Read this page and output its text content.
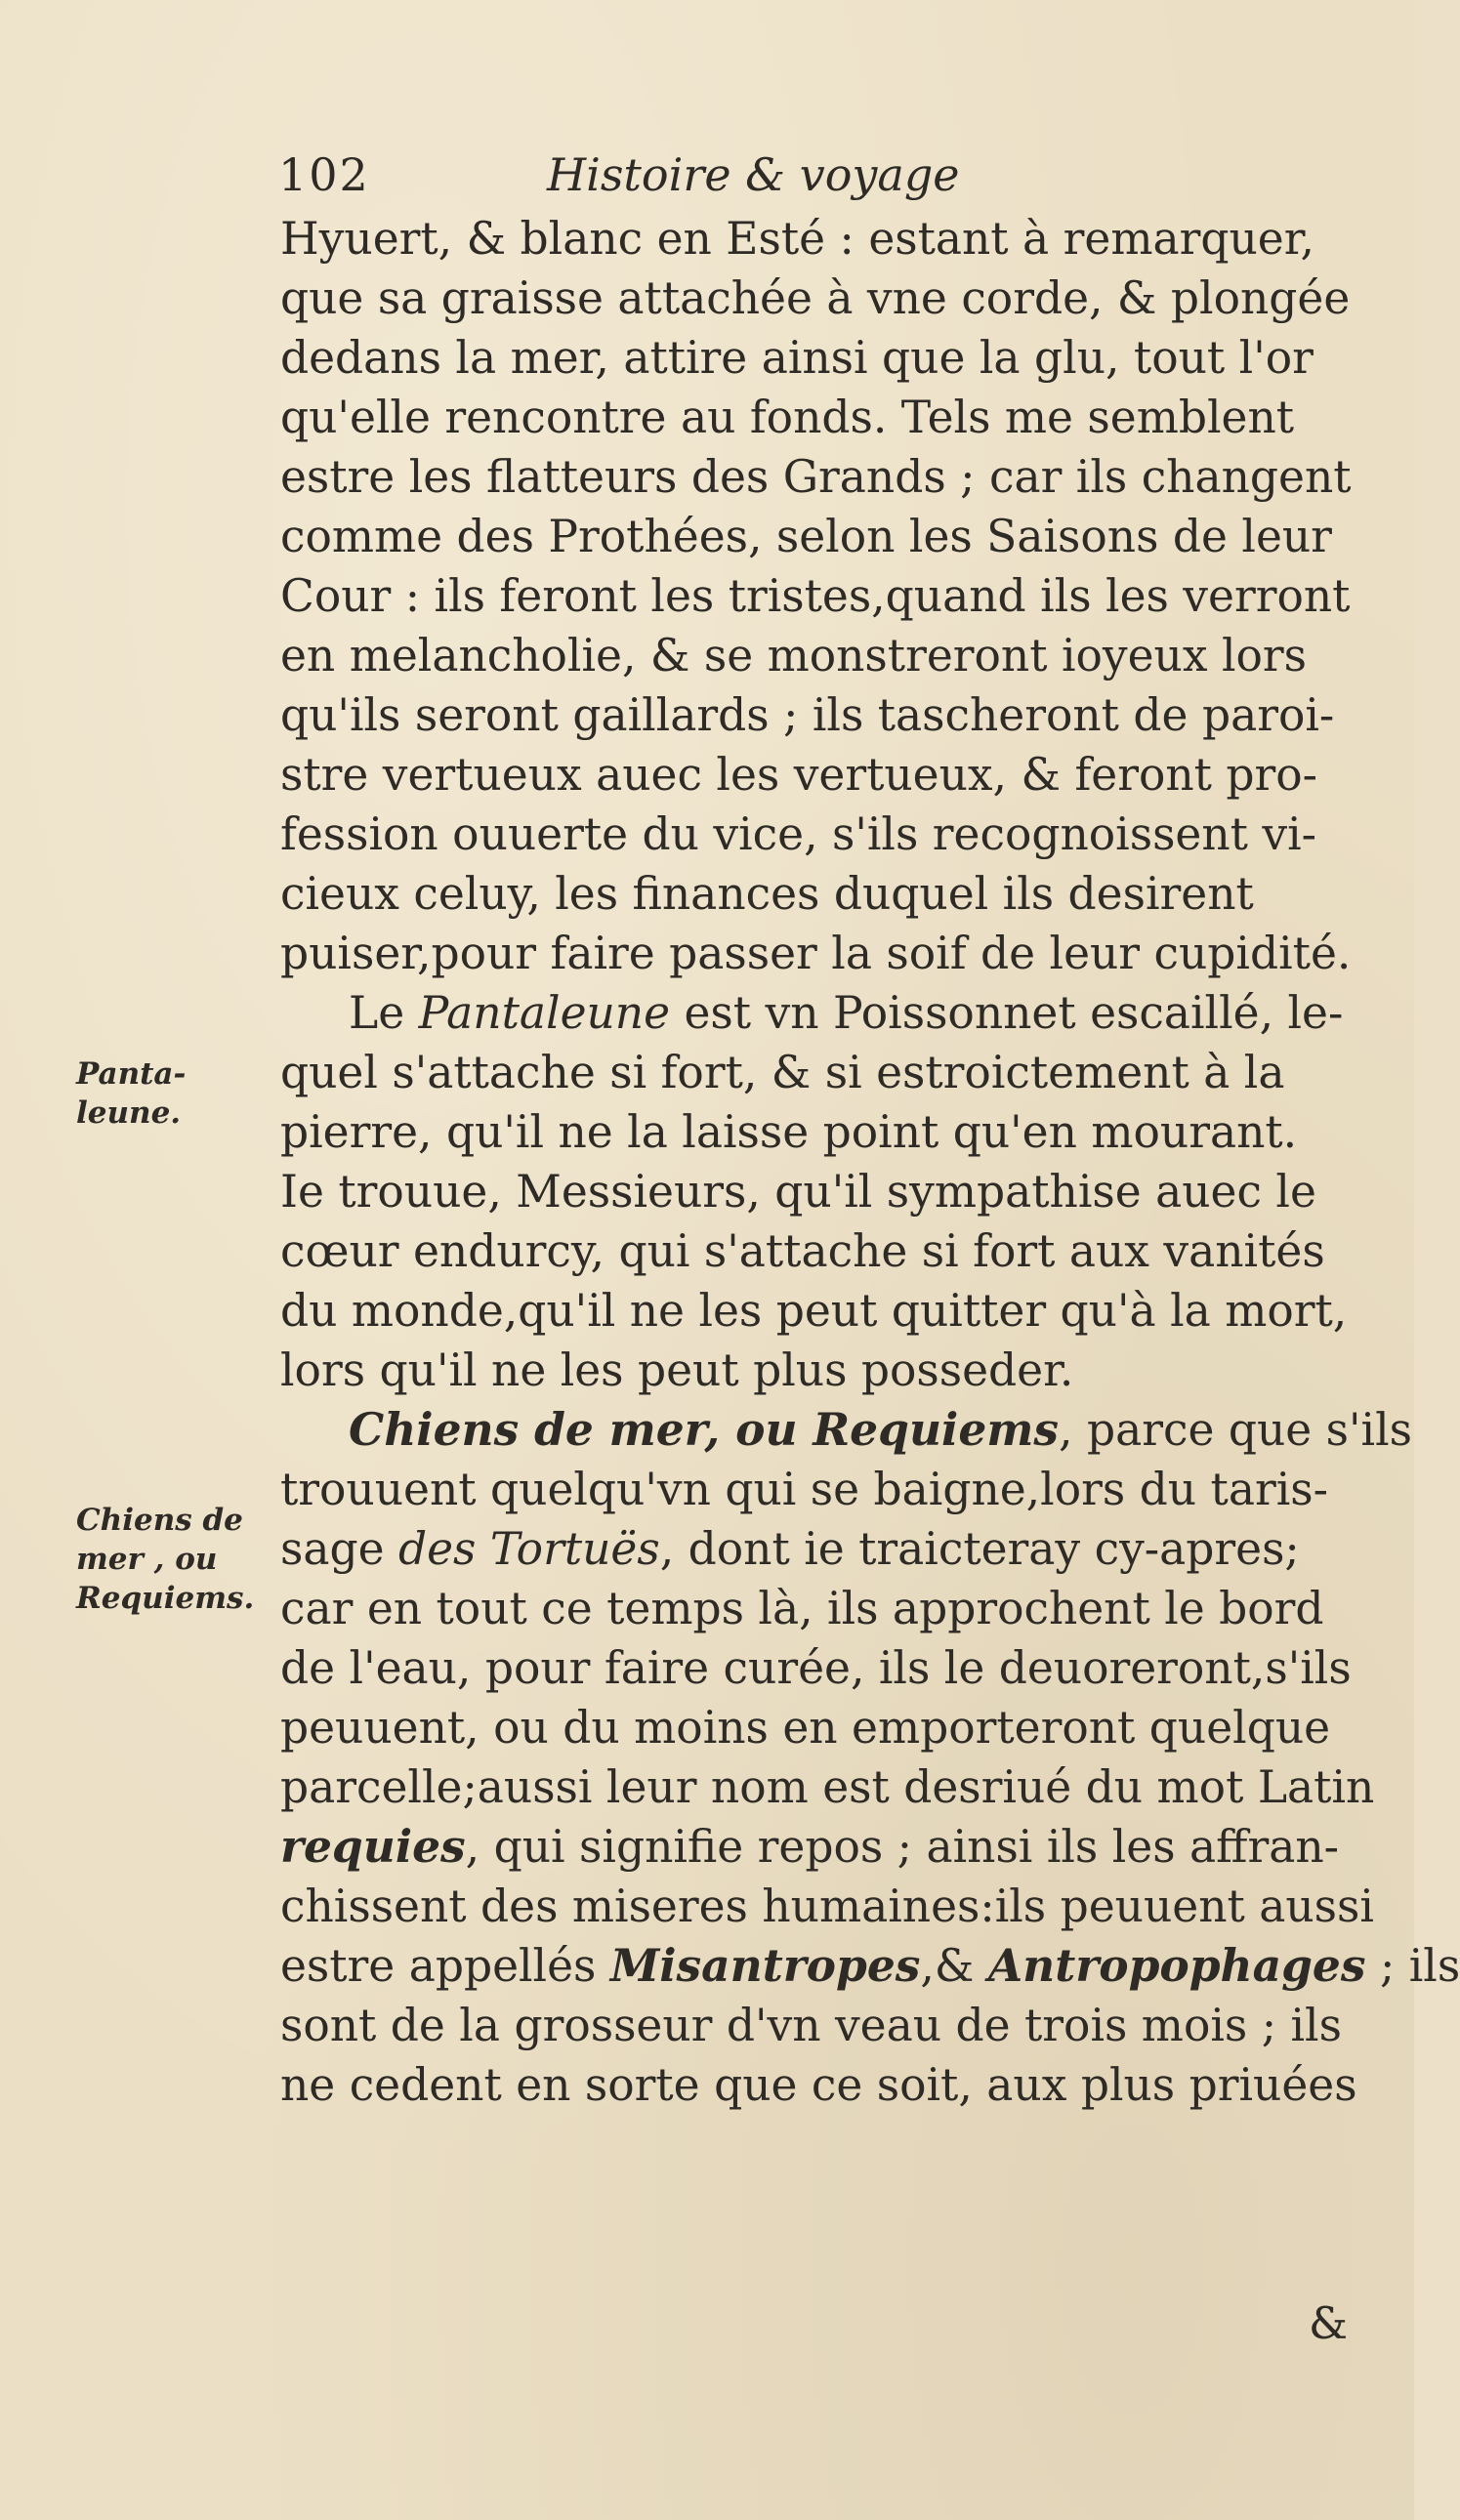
102	Histoire & voyage
Panta-
leune.
Chiens de
mer , ou
Requiems.
Hyuert, & blanc en Esté : estant à remarquer,
que sa graisse attachée à vne corde, & plongée
dedans la mer, attire ainsi que la glu, tout l'or
qu'elle rencontre au fonds. Tels me semblent
estre les flatteurs des Grands ; car ils changent
comme des Prothées, selon les Saisons de leur
Cour : ils feront les tristes,quand ils les verront
en melancholie, & se monstreront ioyeux lors
qu'ils seront gaillards ; ils tascheront de paroi-
stre vertueux auec les vertueux, & feront pro-
fession ouuerte du vice, s'ils recognoissent vi-
cieux celuy, les finances duquel ils desirent
puiser,pour faire passer la soif de leur cupidité.
Le Pantaleune est vn Poissonnet escaillé, le-
quel s'attache si fort, & si estroictement à la
pierre, qu'il ne la laisse point qu'en mourant.
Ie trouue, Messieurs, qu'il sympathise auec le
cœur endurcy, qui s'attache si fort aux vanités
du monde,qu'il ne les peut quitter qu'à la mort,
lors qu'il ne les peut plus posseder.
Chiens de mer, ou Requiems, parce que s'ils
trouuent quelqu'vn qui se baigne,lors du taris-
sage des Tortuës, dont ie traicteray cy-apres;
car en tout ce temps là, ils approchent le bord
de l'eau, pour faire curée, ils le deuoreront,s'ils
peuuent, ou du moins en emporteront quelque
parcelle;aussi leur nom est desriué du mot Latin
requies, qui signifie repos ; ainsi ils les affran-
chissent des miseres humaines:ils peuuent aussi
estre appellés Misantropes,& Antropophages ; ils
sont de la grosseur d'vn veau de trois mois ; ils
ne cedent en sorte que ce soit, aux plus priuées
&
